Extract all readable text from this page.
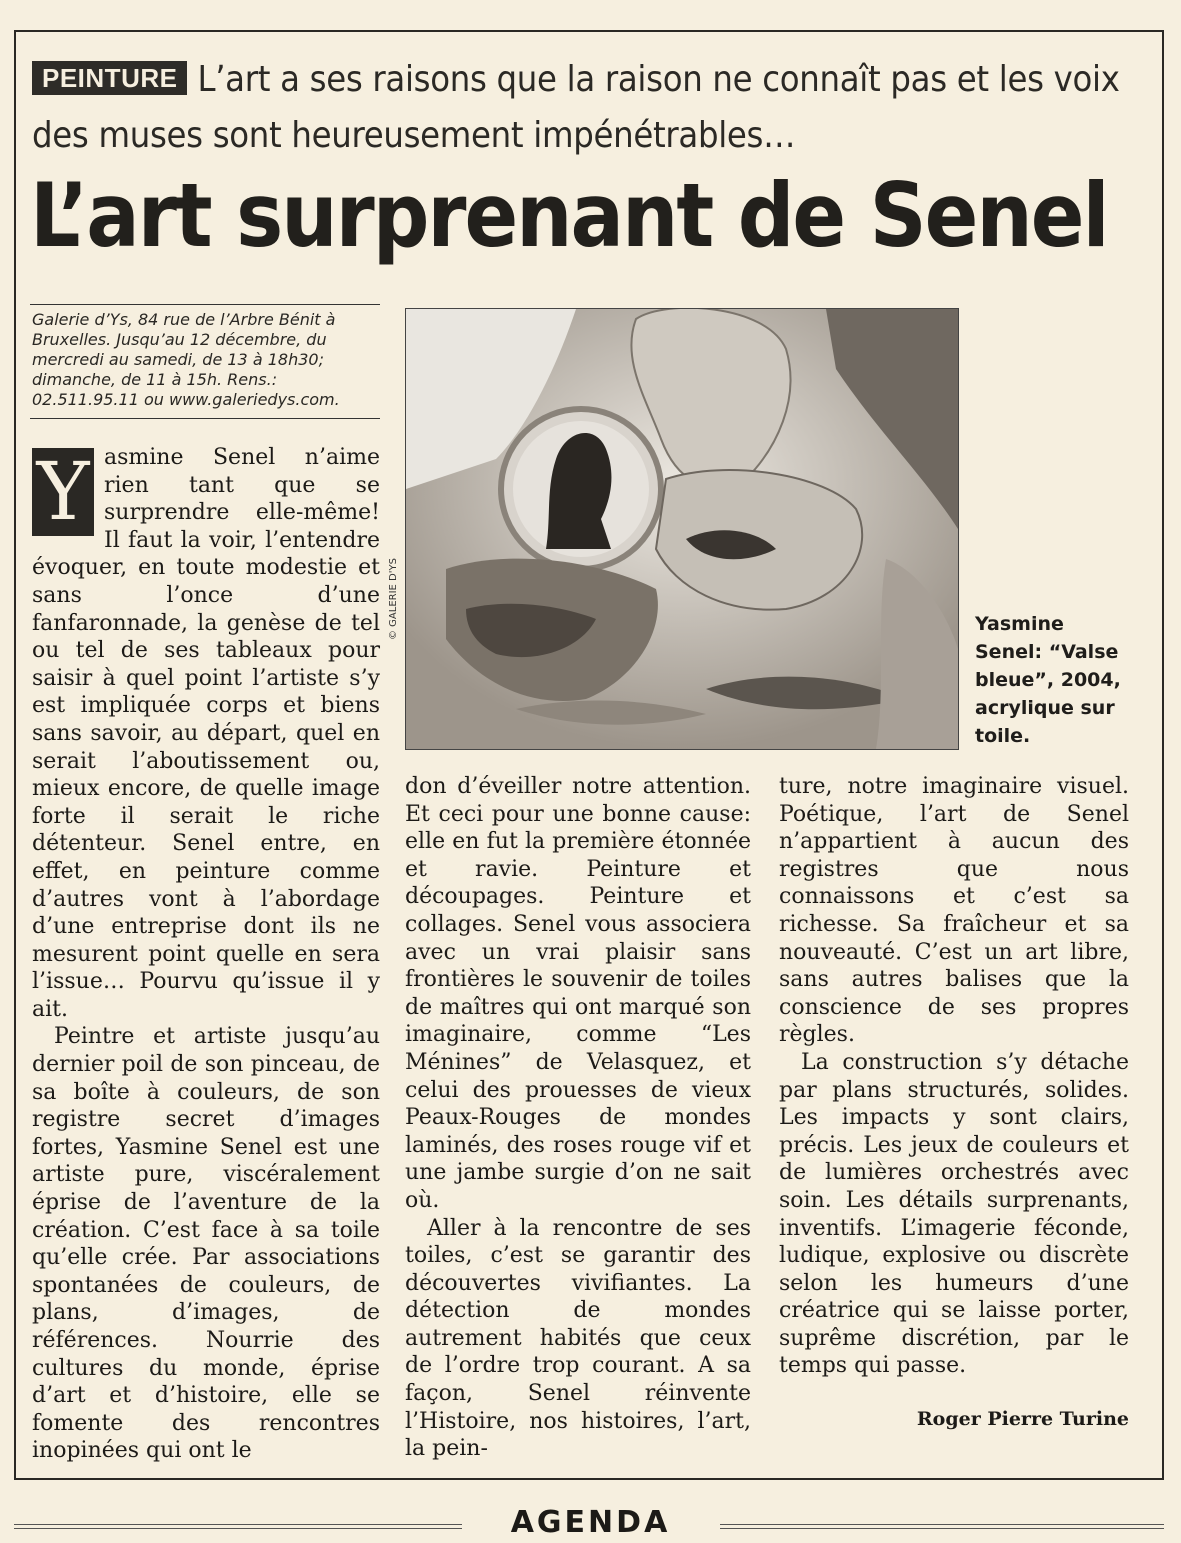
PEINTURE L’art a ses raisons que la raison ne connaît pas et les voix des muses sont heureusement impénétrables…
L’art surprenant de Senel
Galerie d’Ys, 84 rue de l’Arbre Bénit à Bruxelles. Jusqu’au 12 décembre, du mercredi au samedi, de 13 à 18h30; dimanche, de 11 à 15h. Rens.: 02.511.95.11 ou www.galeriedys.com.
© GALERIE D'YS	Yasmine Senel: “Valse bleue”, 2004, acrylique sur toile.
Y asmine Senel n’aime rien tant que se surprendre elle-même! Il faut la voir, l’entendre évoquer, en toute modestie et sans l’once d’une fanfaronnade, la genèse de tel ou tel de ses tableaux pour saisir à quel point l’artiste s’y est impliquée corps et biens sans savoir, au départ, quel en serait l’aboutissement ou, mieux encore, de quelle image forte il serait le riche détenteur. Senel entre, en effet, en peinture comme d’autres vont à l’abordage d’une entreprise dont ils ne mesurent point quelle en sera l’issue… Pourvu qu’issue il y ait.

Peintre et artiste jusqu’au dernier poil de son pinceau, de sa boîte à couleurs, de son registre secret d’images fortes, Yasmine Senel est une artiste pure, viscéralement éprise de l’aventure de la création. C’est face à sa toile qu’elle crée. Par associations spontanées de couleurs, de plans, d’images, de références. Nourrie des cultures du monde, éprise d’art et d’histoire, elle se fomente des rencontres inopinées qui ont le

don d’éveiller notre attention. Et ceci pour une bonne cause: elle en fut la première étonnée et ravie. Peinture et découpages. Peinture et collages. Senel vous associera avec un vrai plaisir sans frontières le souvenir de toiles de maîtres qui ont marqué son imaginaire, comme “Les Ménines” de Velasquez, et celui des prouesses de vieux Peaux-Rouges de mondes laminés, des roses rouge vif et une jambe surgie d’on ne sait où.

Aller à la rencontre de ses toiles, c’est se garantir des découvertes vivifiantes. La détection de mondes autrement habités que ceux de l’ordre trop courant. A sa façon, Senel réinvente l’Histoire, nos histoires, l’art, la pein-

ture, notre imaginaire visuel. Poétique, l’art de Senel n’appartient à aucun des registres que nous connaissons et c’est sa richesse. Sa fraîcheur et sa nouveauté. C’est un art libre, sans autres balises que la conscience de ses propres règles.

La construction s’y détache par plans structurés, solides. Les impacts y sont clairs, précis. Les jeux de couleurs et de lumières orchestrés avec soin. Les détails surprenants, inventifs. L’imagerie féconde, ludique, explosive ou discrète selon les humeurs d’une créatrice qui se laisse porter, suprême discrétion, par le temps qui passe.

Roger Pierre Turine
AGENDA
